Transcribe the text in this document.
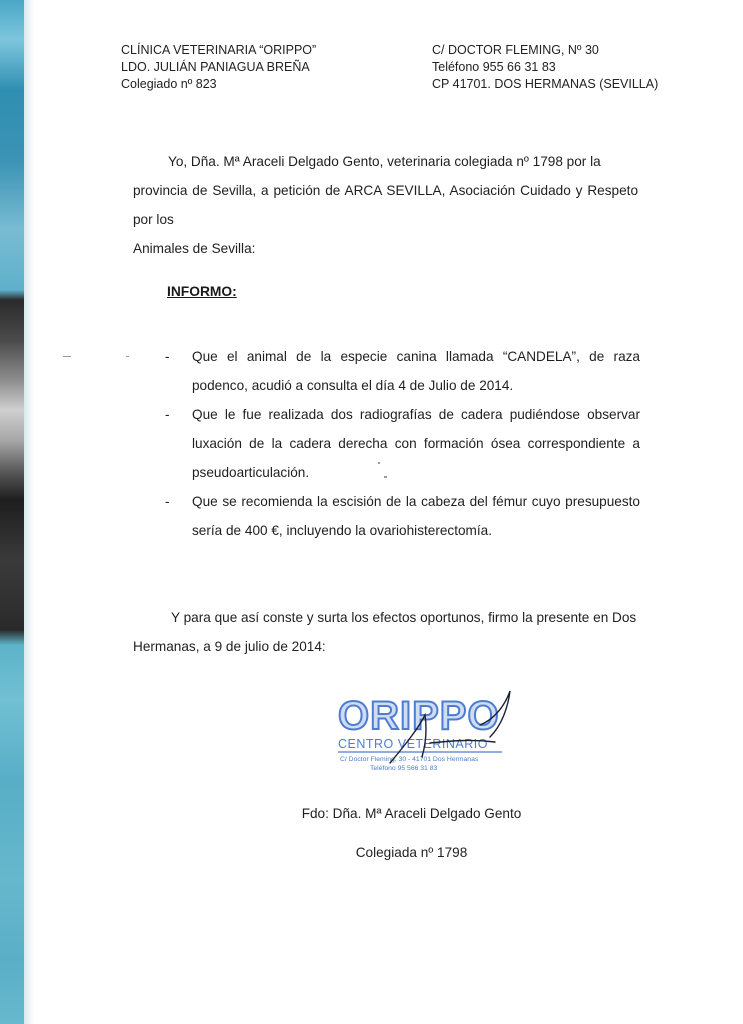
CLÍNICA VETERINARIA “ORIPPO”
LDO. JULIÁN PANIAGUA BREÑA
Colegiado nº 823
C/ DOCTOR FLEMING, Nº 30
Teléfono 955 66 31 83
CP 41701. DOS HERMANAS (SEVILLA)
Yo, Dña. Mª Araceli Delgado Gento, veterinaria colegiada nº 1798 por la
provincia de Sevilla, a petición de ARCA SEVILLA, Asociación Cuidado y Respeto por los
Animales de Sevilla:
INFORMO:
- Que el animal de la especie canina llamada “CANDELA”, de raza podenco, acudió a consulta el día 4 de Julio de 2014.
- Que le fue realizada dos radiografías de cadera pudiéndose observar luxación de la cadera derecha con formación ósea correspondiente a pseudoarticulación.
- Que se recomienda la escisión de la cabeza del fémur cuyo presupuesto sería de 400 €, incluyendo la ovariohisterectomía.
Y para que así conste y surta los efectos oportunos, firmo la presente en Dos
Hermanas, a 9 de julio de 2014:
ORIPPO
CENTRO VETERINARIO
C/ Doctor Fleming, 30 - 41701 Dos Hermanas
Teléfono 95 566 31 83
Fdo: Dña. Mª Araceli Delgado Gento
Colegiada nº 1798
